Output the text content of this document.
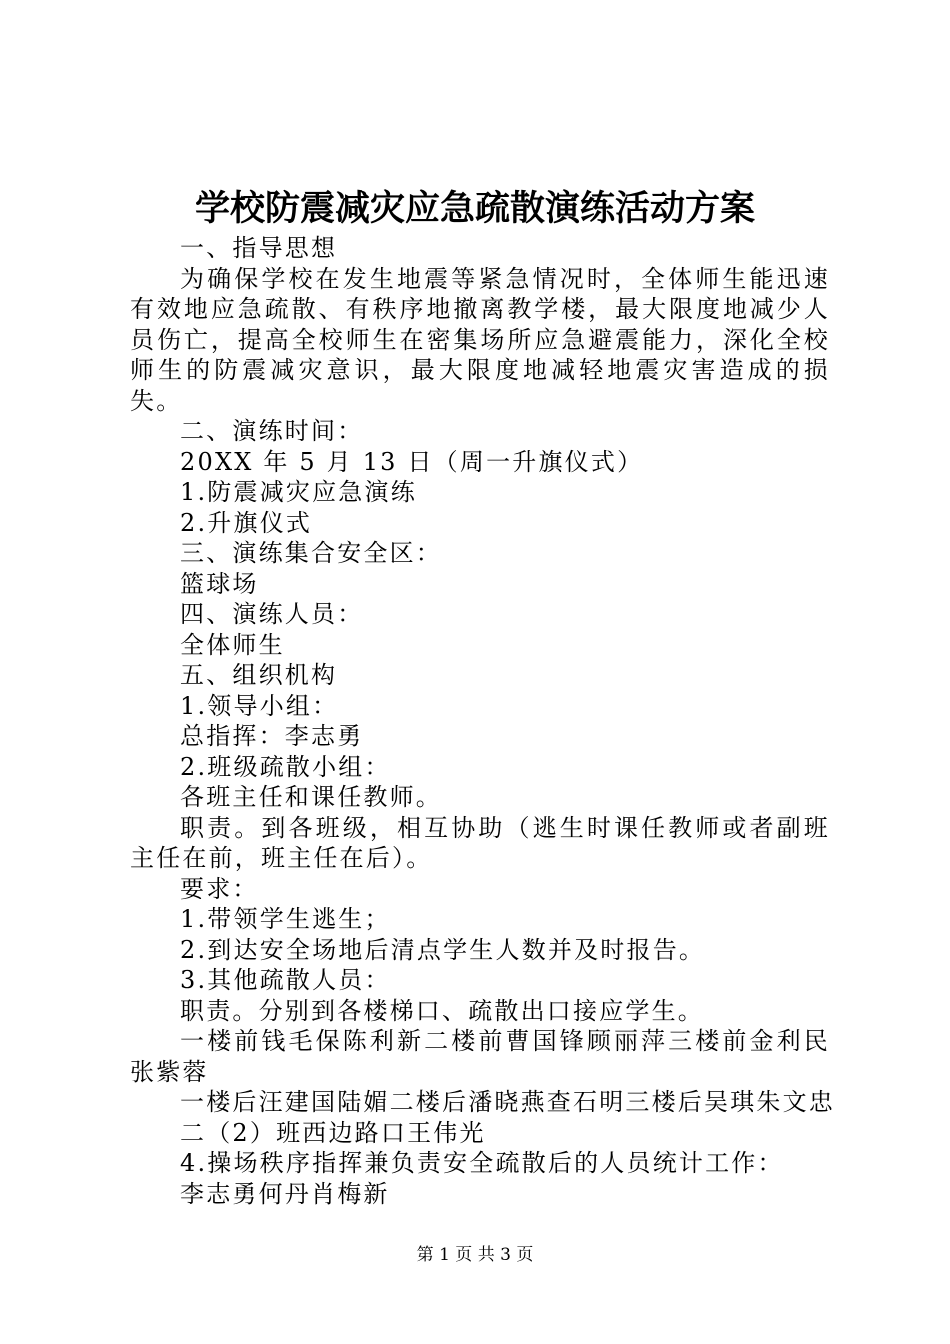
学校防震减灾应急疏散演练活动方案

一、指导思想

为确保学校在发生地震等紧急情况时，全体师生能迅速有效地应急疏散、有秩序地撤离教学楼，最大限度地减少人员伤亡，提高全校师生在密集场所应急避震能力，深化全校师生的防震减灾意识，最大限度地减轻地震灾害造成的损失。

二、演练时间：

20XX 年 5 月 13 日（周一升旗仪式）

1.防震减灾应急演练

2.升旗仪式

三、演练集合安全区：

篮球场

四、演练人员：

全体师生

五、组织机构

1.领导小组：

总指挥：李志勇

2.班级疏散小组：

各班主任和课任教师。

职责。到各班级，相互协助（逃生时课任教师或者副班主任在前，班主任在后）。

要求：

1.带领学生逃生；

2.到达安全场地后清点学生人数并及时报告。

3.其他疏散人员：

职责。分别到各楼梯口、疏散出口接应学生。

一楼前钱毛保陈利新二楼前曹国锋顾丽萍三楼前金利民张紫蓉

一楼后汪建国陆媚二楼后潘晓燕查石明三楼后吴琪朱文忠

二（2）班西边路口王伟光

4.操场秩序指挥兼负责安全疏散后的人员统计工作：

李志勇何丹肖梅新

第 1 页 共 3 页
